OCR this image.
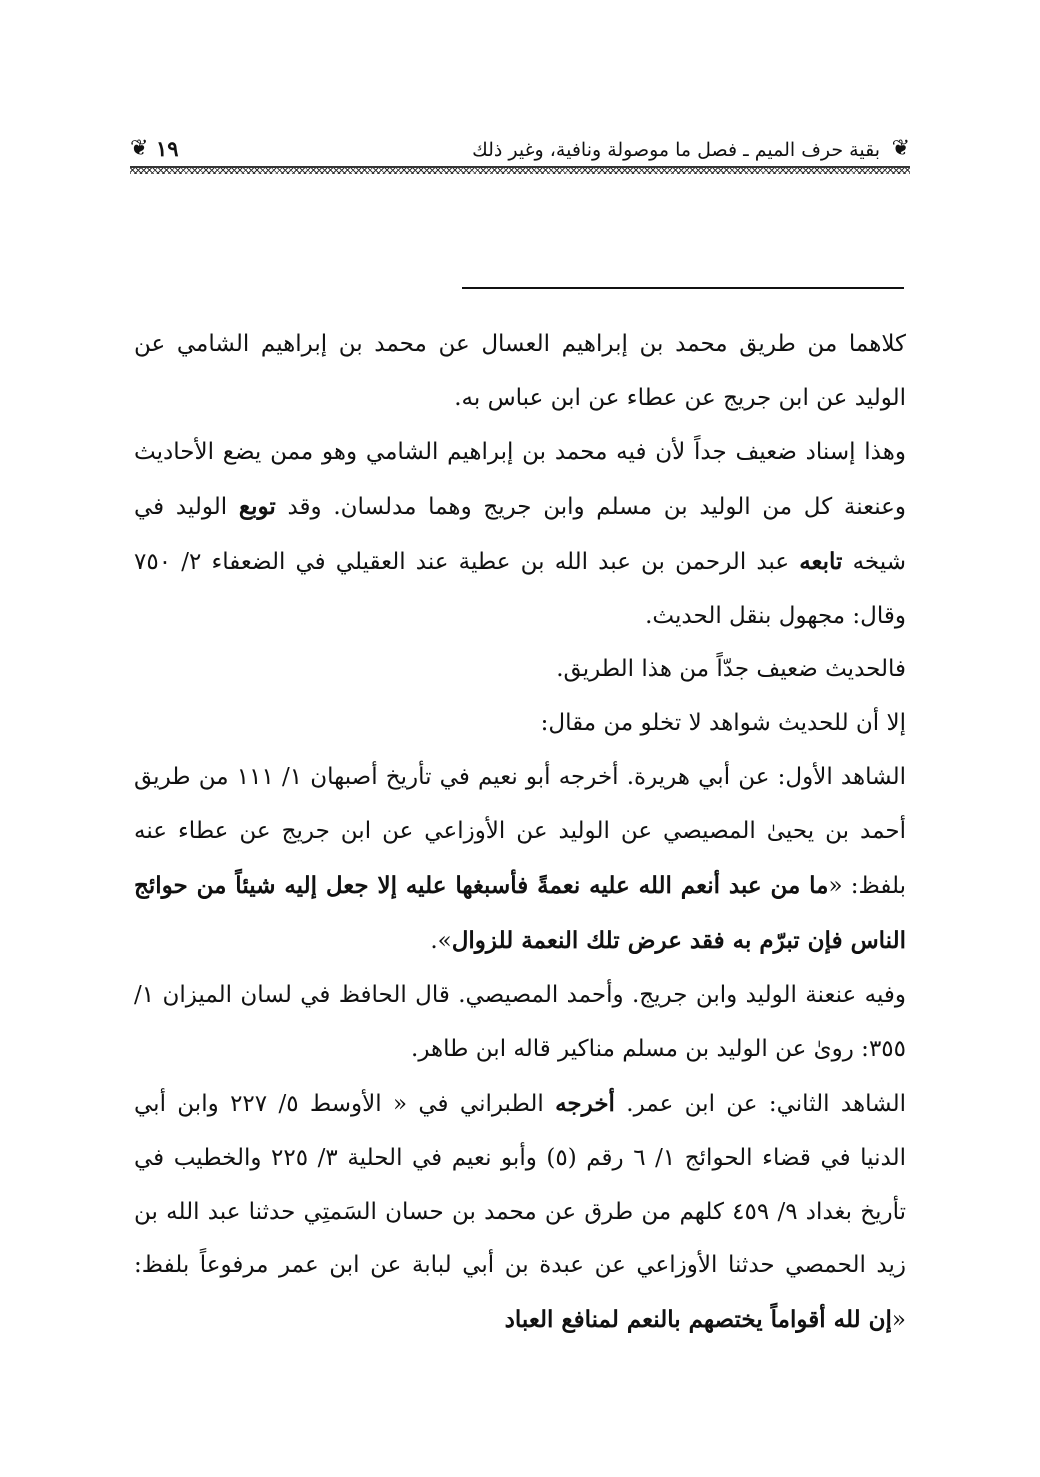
❦
بقية حرف الميم ـ فصل ما موصولة ونافية، وغير ذلك
١٩
❦

كلاهما من طريق محمد بن إبراهيم العسال عن محمد بن إبراهيم الشامي عن الوليد عن ابن جريج عن عطاء عن ابن عباس به.

وهذا إسناد ضعيف جداً لأن فيه محمد بن إبراهيم الشامي وهو ممن يضع الأحاديث وعنعنة كل من الوليد بن مسلم وابن جريج وهما مدلسان. وقد توبع الوليد في شيخه تابعه عبد الرحمن بن عبد الله بن عطية عند العقيلي في الضعفاء ٢/ ٧٥٠ وقال: مجهول بنقل الحديث.

فالحديث ضعيف جدّاً من هذا الطريق.

إلا أن للحديث شواهد لا تخلو من مقال:

الشاهد الأول: عن أبي هريرة. أخرجه أبو نعيم في تأريخ أصبهان ١/ ١١١ من طريق أحمد بن يحيىٰ المصيصي عن الوليد عن الأوزاعي عن ابن جريج عن عطاء عنه بلفظ: «ما من عبد أنعم الله عليه نعمةً فأسبغها عليه إلا جعل إليه شيئاً من حوائج الناس فإن تبرّم به فقد عرض تلك النعمة للزوال».

وفيه عنعنة الوليد وابن جريج. وأحمد المصيصي. قال الحافظ في لسان الميزان ١/ ٣٥٥: روىٰ عن الوليد بن مسلم مناكير قاله ابن طاهر.

الشاهد الثاني: عن ابن عمر. أخرجه الطبراني في « الأوسط ٥/ ٢٢٧ وابن أبي الدنيا في قضاء الحوائج ١/ ٦ رقم (٥) وأبو نعيم في الحلية ٣/ ٢٢٥ والخطيب في تأريخ بغداد ٩/ ٤٥٩ كلهم من طرق عن محمد بن حسان السَمتِي حدثنا عبد الله بن زيد الحمصي حدثنا الأوزاعي عن عبدة بن أبي لبابة عن ابن عمر مرفوعاً بلفظ: «إن لله أقواماً يختصهم بالنعم لمنافع العباد
